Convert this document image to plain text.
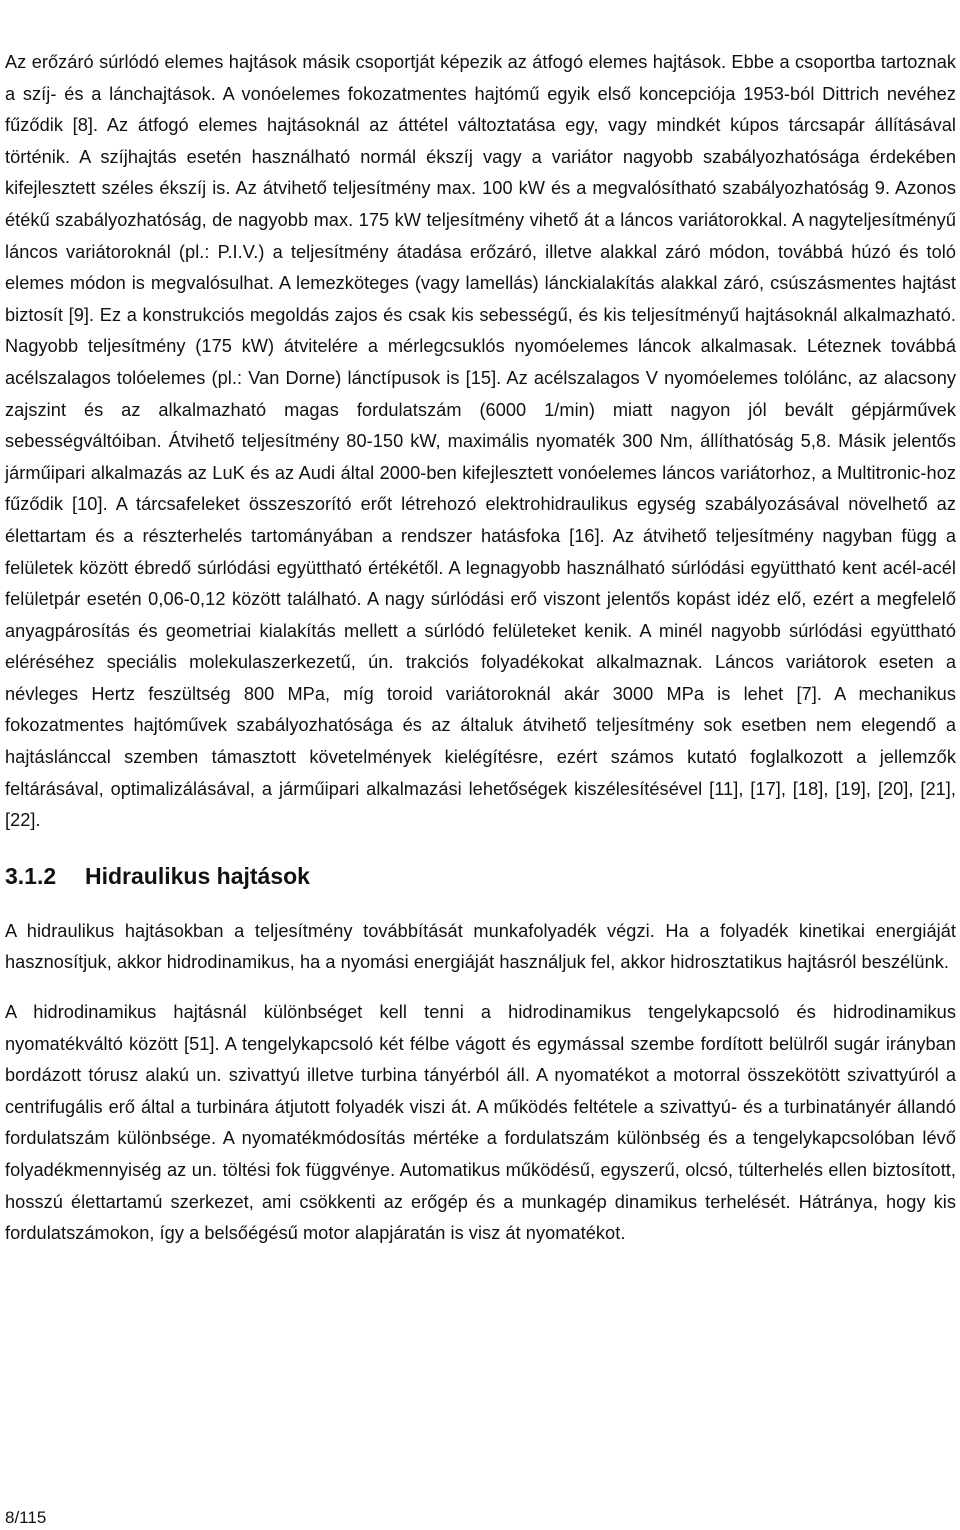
Az erőzáró súrlódó elemes hajtások másik csoportját képezik az átfogó elemes hajtások. Ebbe a csoportba tartoznak a szíj- és a lánchajtások. A vonóelemes fokozatmentes hajtómű egyik első koncepciója 1953-ból Dittrich nevéhez fűződik [8]. Az átfogó elemes hajtásoknál az áttétel változtatása egy, vagy mindkét kúpos tárcsapár állításával történik. A szíjhajtás esetén használható normál ékszíj vagy a variátor nagyobb szabályozhatósága érdekében kifejlesztett széles ékszíj is. Az átvihető teljesítmény max. 100 kW és a megvalósítható szabályozhatóság 9. Azonos étékű szabályozhatóság, de nagyobb max. 175 kW teljesítmény vihető át a láncos variátorokkal. A nagyteljesítményű láncos variátoroknál (pl.: P.I.V.) a teljesítmény átadása erőzáró, illetve alakkal záró módon, továbbá húzó és toló elemes módon is megvalósulhat. A lemezköteges (vagy lamellás) lánckialakítás alakkal záró, csúszásmentes hajtást biztosít [9]. Ez a konstrukciós megoldás zajos és csak kis sebességű, és kis teljesítményű hajtásoknál alkalmazható. Nagyobb teljesítmény (175 kW) átvitelére a mérlegcsuklós nyomóelemes láncok alkalmasak. Léteznek továbbá acélszalagos tolóelemes (pl.: Van Dorne) lánctípusok is [15]. Az acélszalagos V nyomóelemes tolólánc, az alacsony zajszint és az alkalmazható magas fordulatszám (6000 1/min) miatt nagyon jól bevált gépjárművek sebességváltóiban. Átvihető teljesítmény 80-150 kW, maximális nyomaték 300 Nm, állíthatóság 5,8. Másik jelentős járműipari alkalmazás az LuK és az Audi által 2000-ben kifejlesztett vonóelemes láncos variátorhoz, a Multitronic-hoz fűződik [10]. A tárcsafeleket összeszorító erőt létrehozó elektrohidraulikus egység szabályozásával növelhető az élettartam és a részterhelés tartományában a rendszer hatásfoka [16]. Az átvihető teljesítmény nagyban függ a felületek között ébredő súrlódási együttható értékétől. A legnagyobb használható súrlódási együttható kent acél-acél felületpár esetén 0,06-0,12 között található. A nagy súrlódási erő viszont jelentős kopást idéz elő, ezért a megfelelő anyagpárosítás és geometriai kialakítás mellett a súrlódó felületeket kenik. A minél nagyobb súrlódási együttható eléréséhez speciális molekulaszerkezetű, ún. trakciós folyadékokat alkalmaznak. Láncos variátorok eseten a névleges Hertz feszültség 800 MPa, míg toroid variátoroknál akár 3000 MPa is lehet [7]. A mechanikus fokozatmentes hajtóművek szabályozhatósága és az általuk átvihető teljesítmény sok esetben nem elegendő a hajtáslánccal szemben támasztott követelmények kielégítésre, ezért számos kutató foglalkozott a jellemzők feltárásával, optimalizálásával, a járműipari alkalmazási lehetőségek kiszélesítésével [11], [17], [18], [19], [20], [21], [22].

3.1.2	Hidraulikus hajtások

A hidraulikus hajtásokban a teljesítmény továbbítását munkafolyadék végzi. Ha a folyadék kinetikai energiáját hasznosítjuk, akkor hidrodinamikus, ha a nyomási energiáját használjuk fel, akkor hidrosztatikus hajtásról beszélünk.

A hidrodinamikus hajtásnál különbséget kell tenni a hidrodinamikus tengelykapcsoló és hidrodinamikus nyomatékváltó között [51]. A tengelykapcsoló két félbe vágott és egymással szembe fordított belülről sugár irányban bordázott tórusz alakú un. szivattyú illetve turbina tányérból áll. A nyomatékot a motorral összekötött szivattyúról a centrifugális erő által a turbinára átjutott folyadék viszi át. A működés feltétele a szivattyú- és a turbinatányér állandó fordulatszám különbsége. A nyomatékmódosítás mértéke a fordulatszám különbség és a tengelykapcsolóban lévő folyadékmennyiség az un. töltési fok függvénye. Automatikus működésű, egyszerű, olcsó, túlterhelés ellen biztosított, hosszú élettartamú szerkezet, ami csökkenti az erőgép és a munkagép dinamikus terhelését. Hátránya, hogy kis fordulatszámokon, így a belsőégésű motor alapjáratán is visz át nyomatékot.

8/115
